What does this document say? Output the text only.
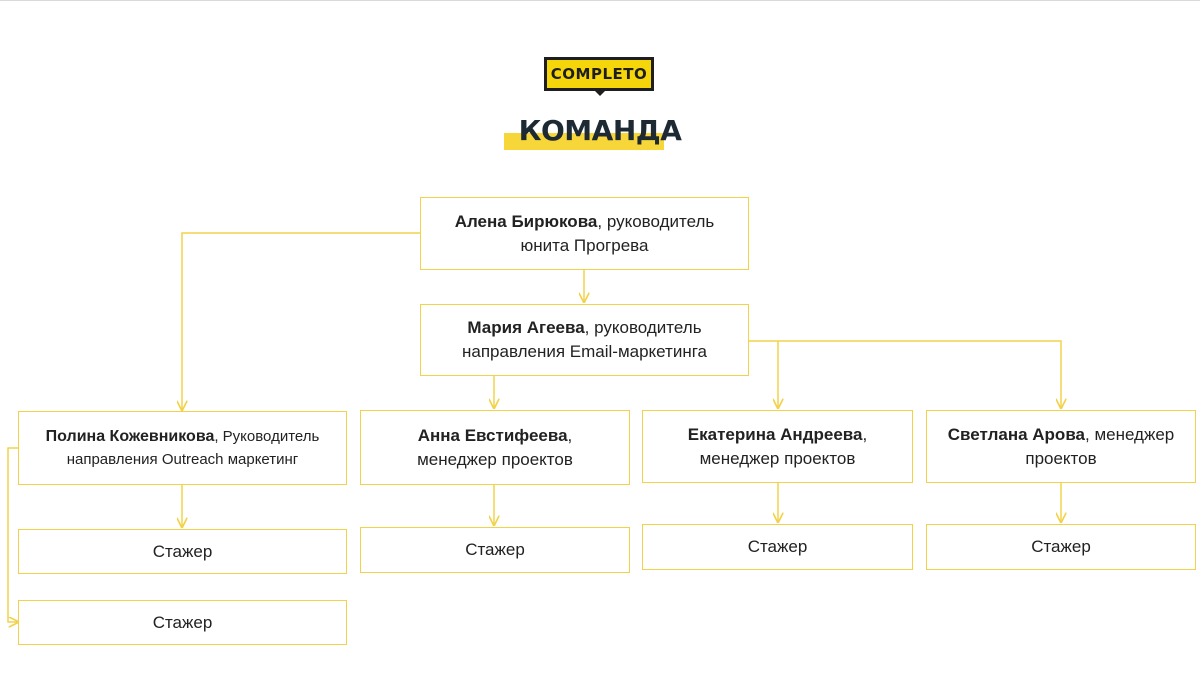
COMPLETO
КОМАНДА
Алена Бирюкова, руководитель
юнита Прогрева
Мария Агеева, руководитель
направления Email-маркетинга
Полина Кожевникова, Руководитель
направления Outreach маркетинг
Анна Евстифеева,
менеджер проектов
Екатерина Андреева,
менеджер проектов
Светлана Арова, менеджер
проектов
Стажер
Стажер
Стажер	Стажер	Стажер
